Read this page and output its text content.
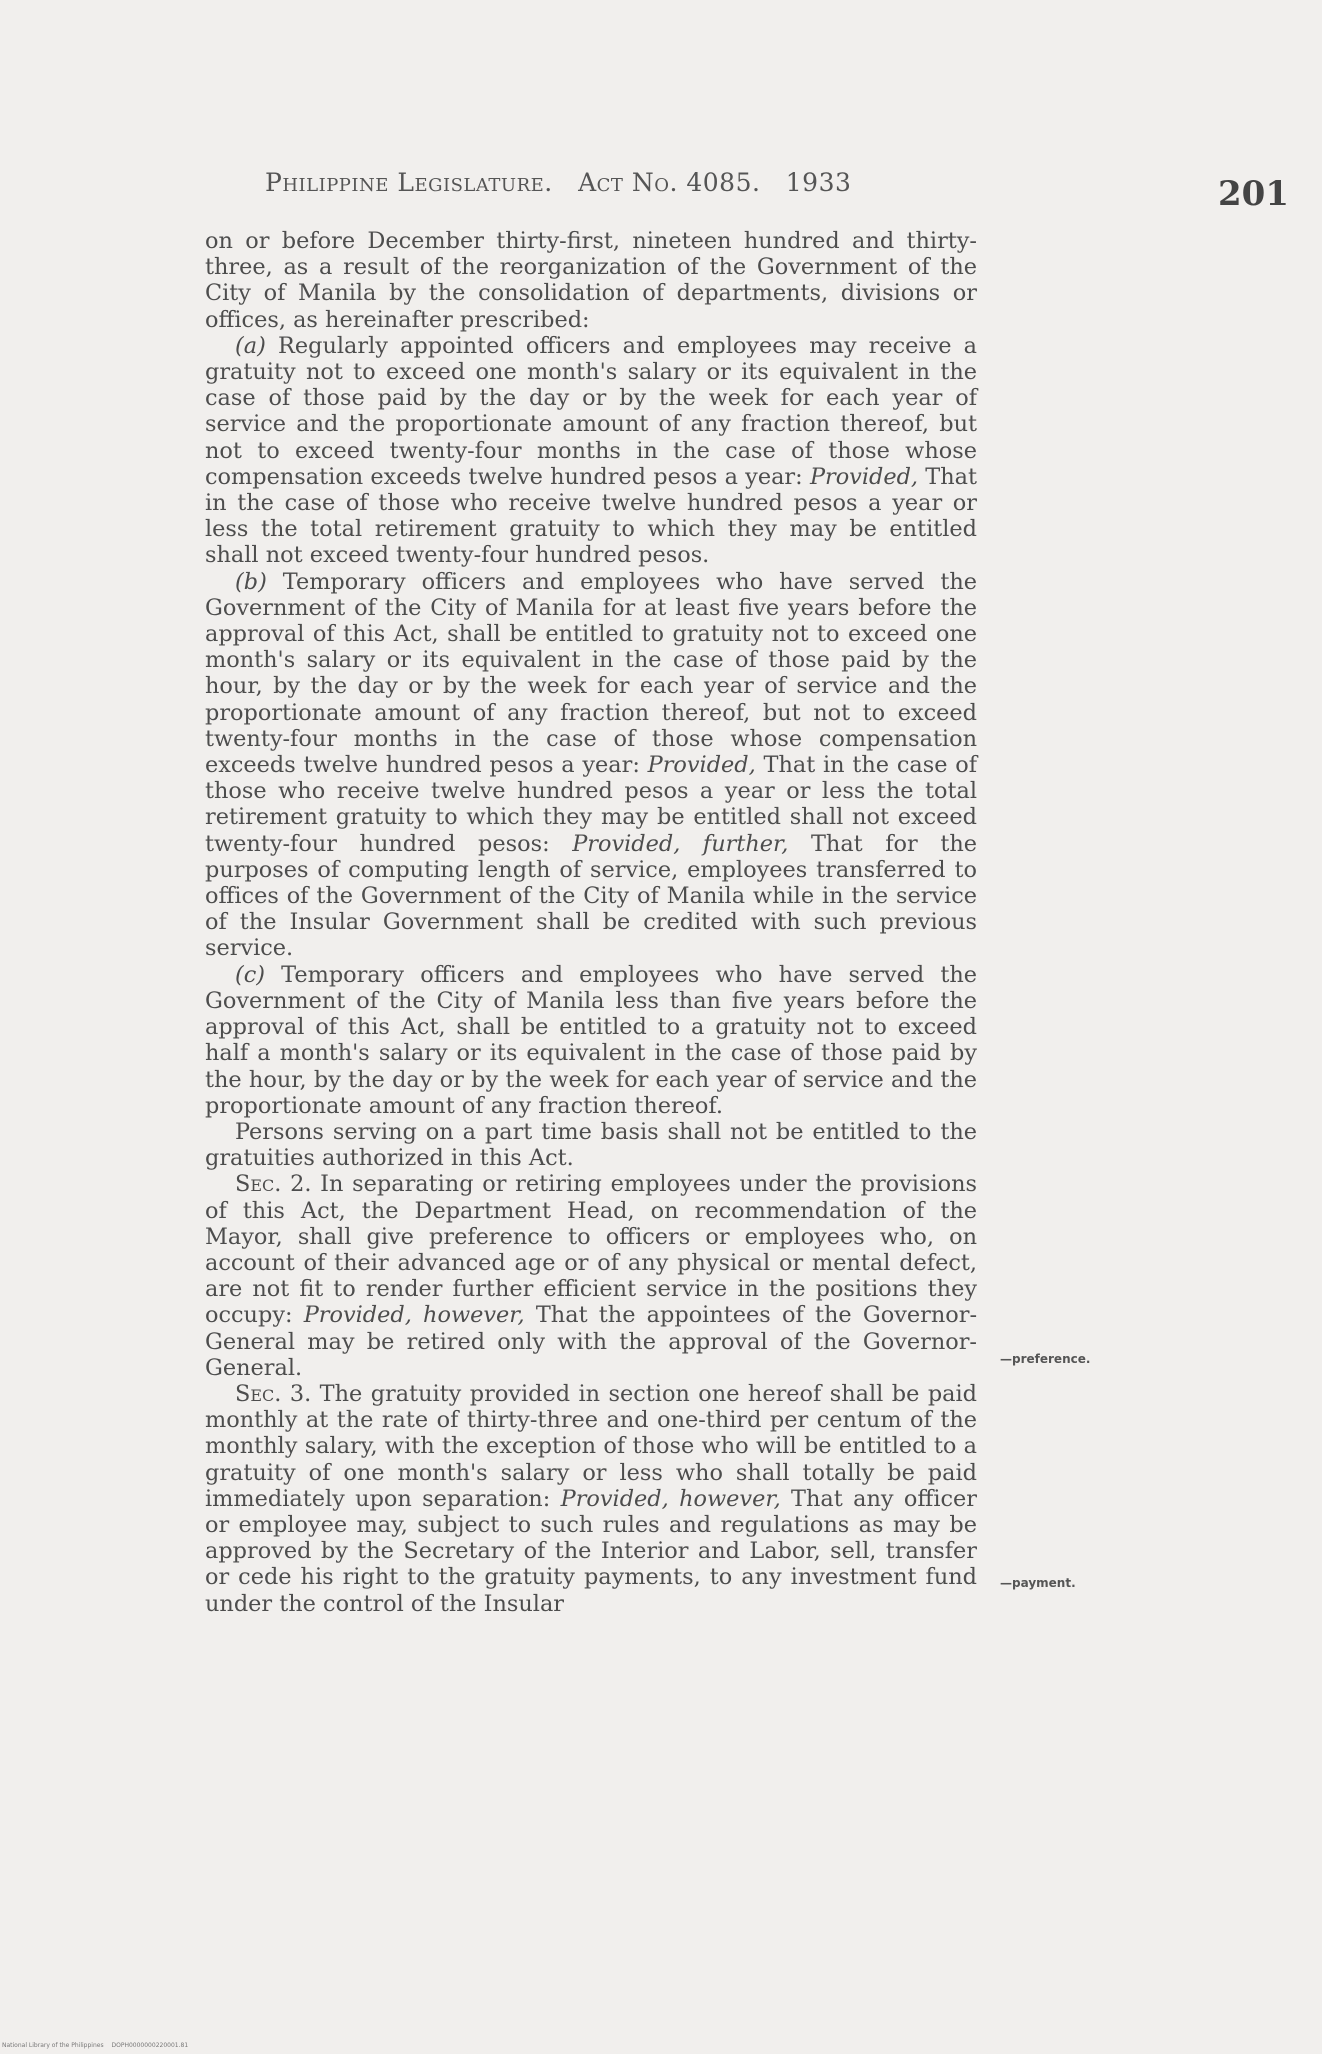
Philippine Legislature. Act No. 4085. 1933	201

on or before December thirty-first, nineteen hundred and thirty-three, as a result of the reorganization of the Government of the City of Manila by the consolidation of departments, divisions or offices, as hereinafter prescribed:

(a) Regularly appointed officers and employees may receive a gratuity not to exceed one month's salary or its equivalent in the case of those paid by the day or by the week for each year of service and the proportionate amount of any fraction thereof, but not to exceed twenty-four months in the case of those whose compensation exceeds twelve hundred pesos a year: Provided, That in the case of those who receive twelve hundred pesos a year or less the total retirement gratuity to which they may be entitled shall not exceed twenty-four hundred pesos.

(b) Temporary officers and employees who have served the Government of the City of Manila for at least five years before the approval of this Act, shall be entitled to gratuity not to exceed one month's salary or its equivalent in the case of those paid by the hour, by the day or by the week for each year of service and the proportionate amount of any fraction thereof, but not to exceed twenty-four months in the case of those whose compensation exceeds twelve hundred pesos a year: Provided, That in the case of those who receive twelve hundred pesos a year or less the total retirement gratuity to which they may be entitled shall not exceed twenty-four hundred pesos: Provided, further, That for the purposes of computing length of service, employees transferred to offices of the Government of the City of Manila while in the service of the Insular Government shall be credited with such previous service.

(c) Temporary officers and employees who have served the Government of the City of Manila less than five years before the approval of this Act, shall be entitled to a gratuity not to exceed half a month's salary or its equivalent in the case of those paid by the hour, by the day or by the week for each year of service and the proportionate amount of any fraction thereof.

Persons serving on a part time basis shall not be entitled to the gratuities authorized in this Act.

Sec. 2. In separating or retiring employees under the provisions of this Act, the Department Head, on recommendation of the Mayor, shall give preference to officers or employees who, on account of their advanced age or of any physical or mental defect, are not fit to render further efficient service in the positions they occupy: Provided, however, That the appointees of the Governor-General may be retired only with the approval of the Governor-General.

Sec. 3. The gratuity provided in section one hereof shall be paid monthly at the rate of thirty-three and one-third per centum of the monthly salary, with the exception of those who will be entitled to a gratuity of one month's salary or less who shall totally be paid immediately upon separation: Provided, however, That any officer or employee may, subject to such rules and regulations as may be approved by the Secretary of the Interior and Labor, sell, transfer or cede his right to the gratuity payments, to any investment fund under the control of the Insular

—preference.
—payment.
National Library of the Philippines DOPH0000000220001.81
